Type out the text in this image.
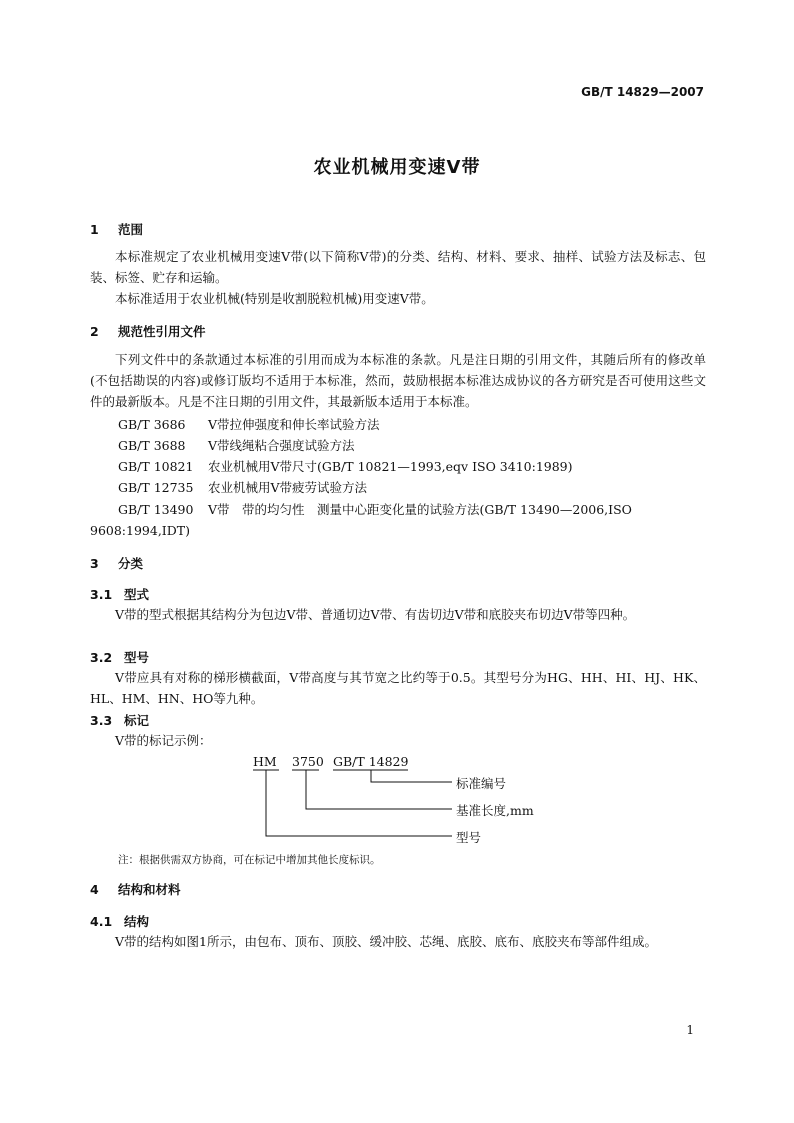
GB/T 14829—2007
农业机械用变速V带
1 范围
本标准规定了农业机械用变速V带(以下简称V带)的分类、结构、材料、要求、抽样、试验方法及标志、包装、标签、贮存和运输。
本标准适用于农业机械(特别是收割脱粒机械)用变速V带。
2 规范性引用文件
下列文件中的条款通过本标准的引用而成为本标准的条款。凡是注日期的引用文件，其随后所有的修改单(不包括勘误的内容)或修订版均不适用于本标准，然而，鼓励根据本标准达成协议的各方研究是否可使用这些文件的最新版本。凡是不注日期的引用文件，其最新版本适用于本标准。
GB/T 3686 V带拉伸强度和伸长率试验方法
GB/T 3688 V带线绳粘合强度试验方法
GB/T 10821 农业机械用V带尺寸(GB/T 10821—1993,eqv ISO 3410:1989)
GB/T 12735 农业机械用V带疲劳试验方法
GB/T 13490 V带　带的均匀性　测量中心距变化量的试验方法(GB/T 13490—2006,ISO 9608:1994,IDT)
3 分类
3.1 型式
V带的型式根据其结构分为包边V带、普通切边V带、有齿切边V带和底胶夹布切边V带等四种。
3.2 型号
V带应具有对称的梯形横截面，V带高度与其节宽之比约等于0.5。其型号分为HG、HH、HI、HJ、HK、HL、HM、HN、HO等九种。
3.3 标记
V带的标记示例：
HM 3750 GB/T 14829
标准编号
基准长度,mm
型号
注：根据供需双方协商，可在标记中增加其他长度标识。
4 结构和材料
4.1 结构
V带的结构如图1所示，由包布、顶布、顶胶、缓冲胶、芯绳、底胶、底布、底胶夹布等部件组成。
1
